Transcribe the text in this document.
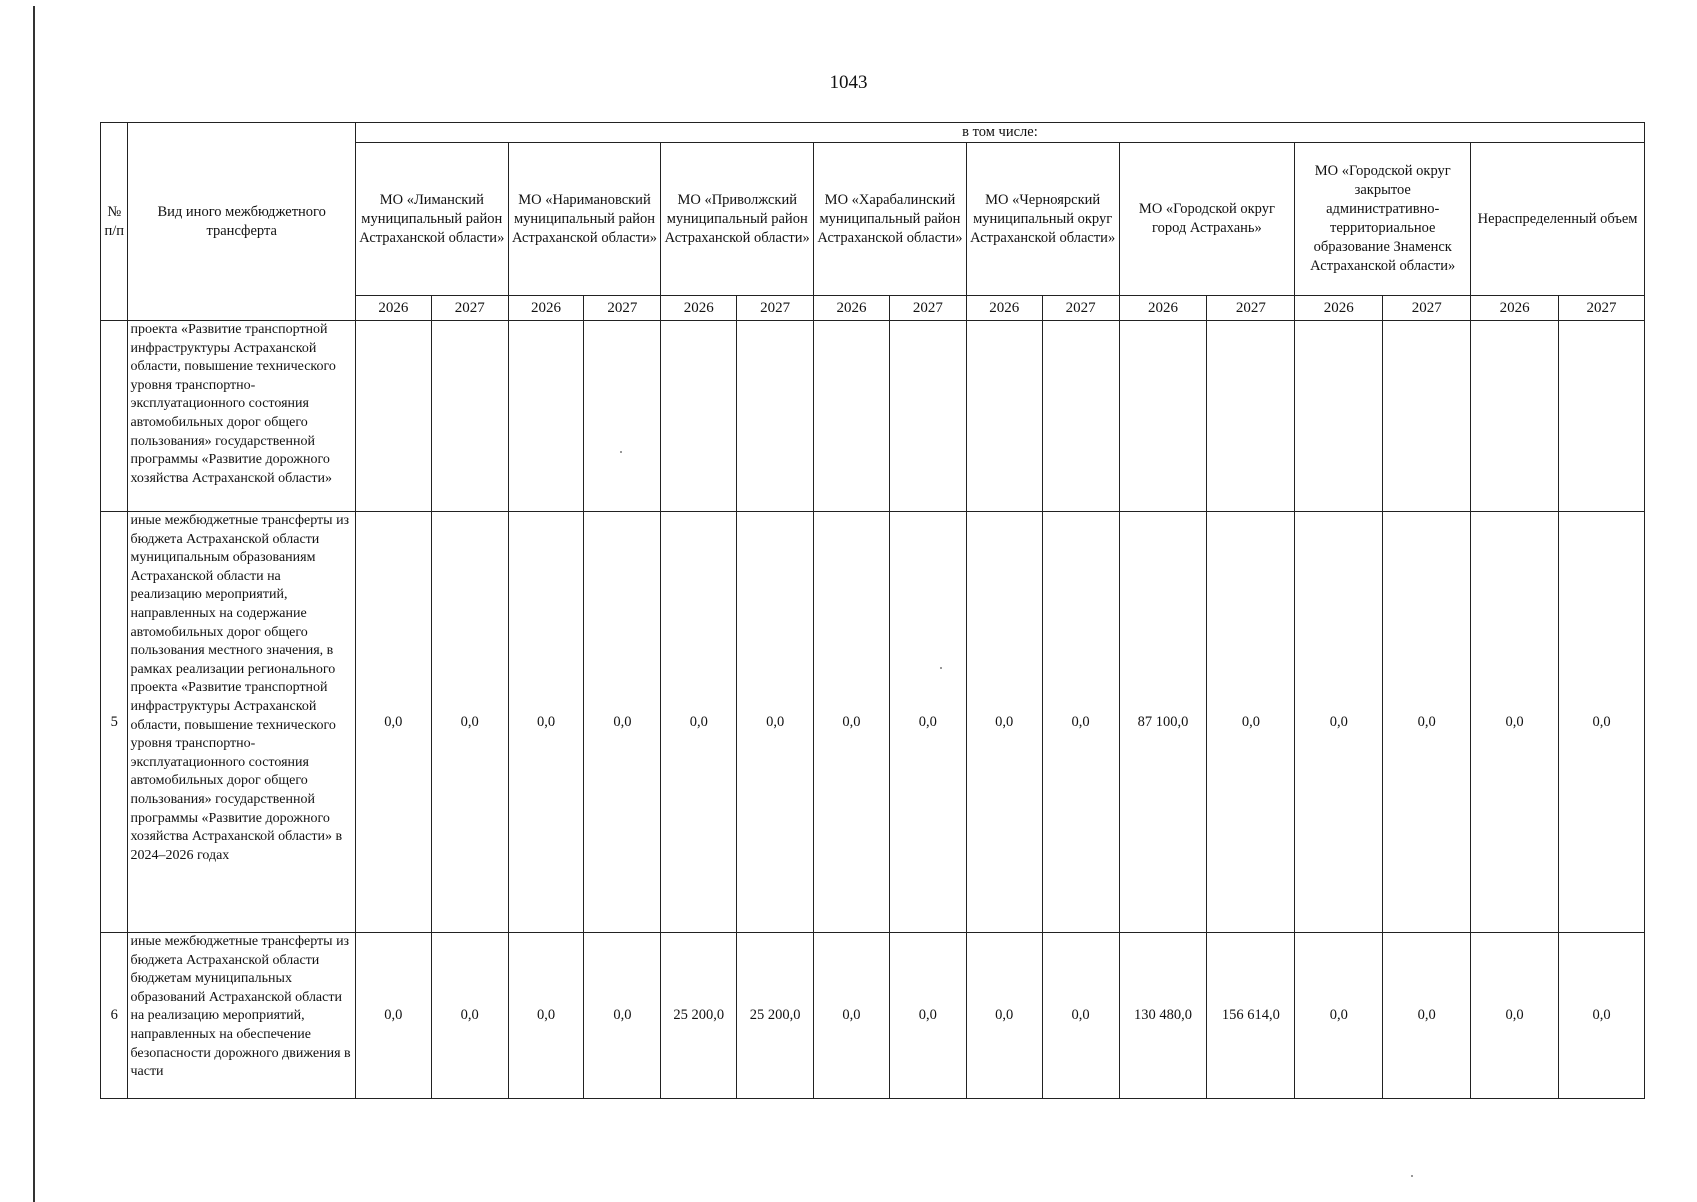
1043
№ п/п	Вид иного межбюджетного трансферта	в том числе:															
		МО «Лиманский муниципальный район Астраханской области»		МО «Наримановский муниципальный район Астраханской области»		МО «Приволжский муниципальный район Астраханской области»		МО «Харабалинский муниципальный район Астраханской области»		МО «Черноярский муниципальный округ Астраханской области»		МО «Городской округ город Астрахань»		МО «Городской округ закрытое административно-территориальное образование Знаменск Астраханской области»		Нераспределенный объем	
		2026	2027	2026	2027	2026	2027	2026	2027	2026	2027	2026	2027	2026	2027	2026	2027
	проекта «Развитие транспортной инфраструктуры Астраханской области, повышение технического уровня транспортно-эксплуатационного состояния автомобильных дорог общего пользования» государственной программы «Развитие дорожного хозяйства Астраханской области»																
5	иные межбюджетные трансферты из бюджета Астраханской области муниципальным образованиям Астраханской области на реализацию мероприятий, направленных на содержание автомобильных дорог общего пользования местного значения, в рамках реализации регионального проекта «Развитие транспортной инфраструктуры Астраханской области, повышение технического уровня транспортно-эксплуатационного состояния автомобильных дорог общего пользования» государственной программы «Развитие дорожного хозяйства Астраханской области» в 2024–2026 годах	0,0	0,0	0,0	0,0	0,0	0,0	0,0	0,0	0,0	0,0	87 100,0	0,0	0,0	0,0	0,0	0,0
6	иные межбюджетные трансферты из бюджета Астраханской области бюджетам муниципальных образований Астраханской области на реализацию мероприятий, направленных на обеспечение безопасности дорожного движения в части	0,0	0,0	0,0	0,0	25 200,0	25 200,0	0,0	0,0	0,0	0,0	130 480,0	156 614,0	0,0	0,0	0,0	0,0
